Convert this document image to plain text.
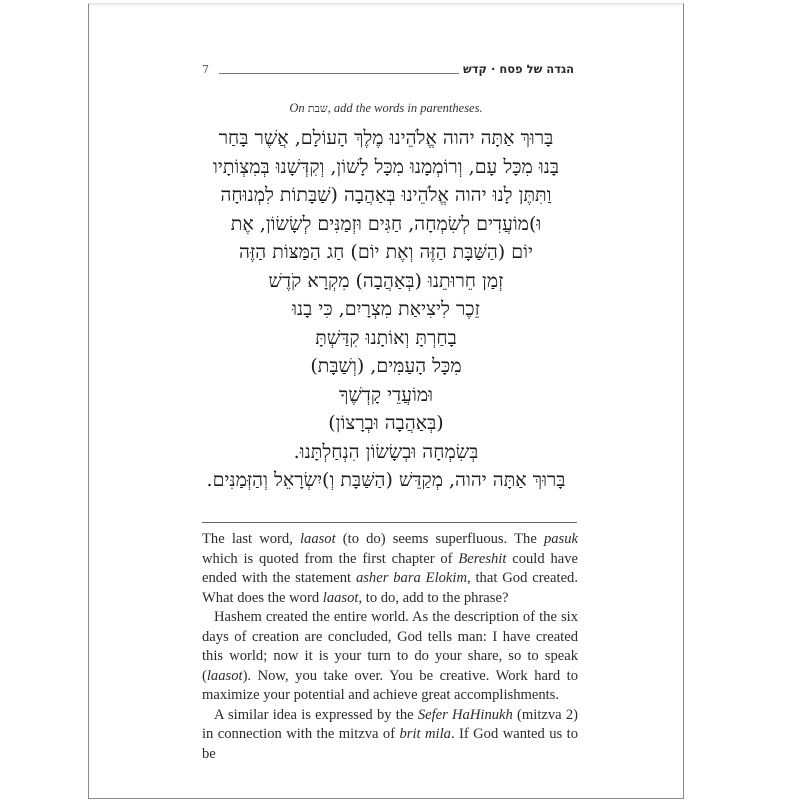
7	הגדה של פסח · קדש
On שבת, add the words in parentheses.
בָּרוּךְ אַתָּה יהוה אֱלֹהֵינוּ מֶלֶךְ הָעוֹלָם, אֲשֶׁר בָּחַר
בָּנוּ מִכָּל עָם, וְרוֹמְמָנוּ מִכָּל לָשׁוֹן, וְקִדְּשָׁנוּ בְּמִצְוֹתָיו
וַתִּתֶּן לָנוּ יהוה אֱלֹהֵינוּ בְּאַהֲבָה (שַׁבָּתוֹת לִמְנוּחָה
וּ)מוֹעֲדִים לְשִׂמְחָה, חַגִּים וּזְמַנִּים לְשָׂשׂוֹן, אֶת
יוֹם (הַשַּׁבָּת הַזֶּה וְאֶת יוֹם) חַג הַמַּצּוֹת הַזֶּה
זְמַן חֵרוּתֵנוּ (בְּאַהֲבָה) מִקְרָא קֹדֶשׁ
זֵכֶר לִיצִיאַת מִצְרָיִם, כִּי בָנוּ
בָחַרְתָּ וְאוֹתָנוּ קִדַּשְׁתָּ
מִכָּל הָעַמִּים, (וְשַׁבָּת)
וּמוֹעֲדֵי קָדְשֶׁךָ
(בְּאַהֲבָה וּבְרָצוֹן)
בְּשִׂמְחָה וּבְשָׂשׂוֹן הִנְחַלְתָּנוּ.
בָּרוּךְ אַתָּה יהוה, מְקַדֵּשׁ (הַשַּׁבָּת וְ)יִשְׂרָאֵל וְהַזְּמַנִּים.

The last word, laasot (to do) seems superfluous. The pasuk which is quoted from the first chapter of Bereshit could have ended with the statement asher bara Elokim, that God created. What does the word laasot, to do, add to the phrase?

Hashem created the entire world. As the description of the six days of creation are concluded, God tells man: I have created this world; now it is your turn to do your share, so to speak (laasot). Now, you take over. You be creative. Work hard to maximize your potential and achieve great accomplishments.

A similar idea is expressed by the Sefer HaHinukh (mitzva 2) in connection with the mitzva of brit mila. If God wanted us to be
